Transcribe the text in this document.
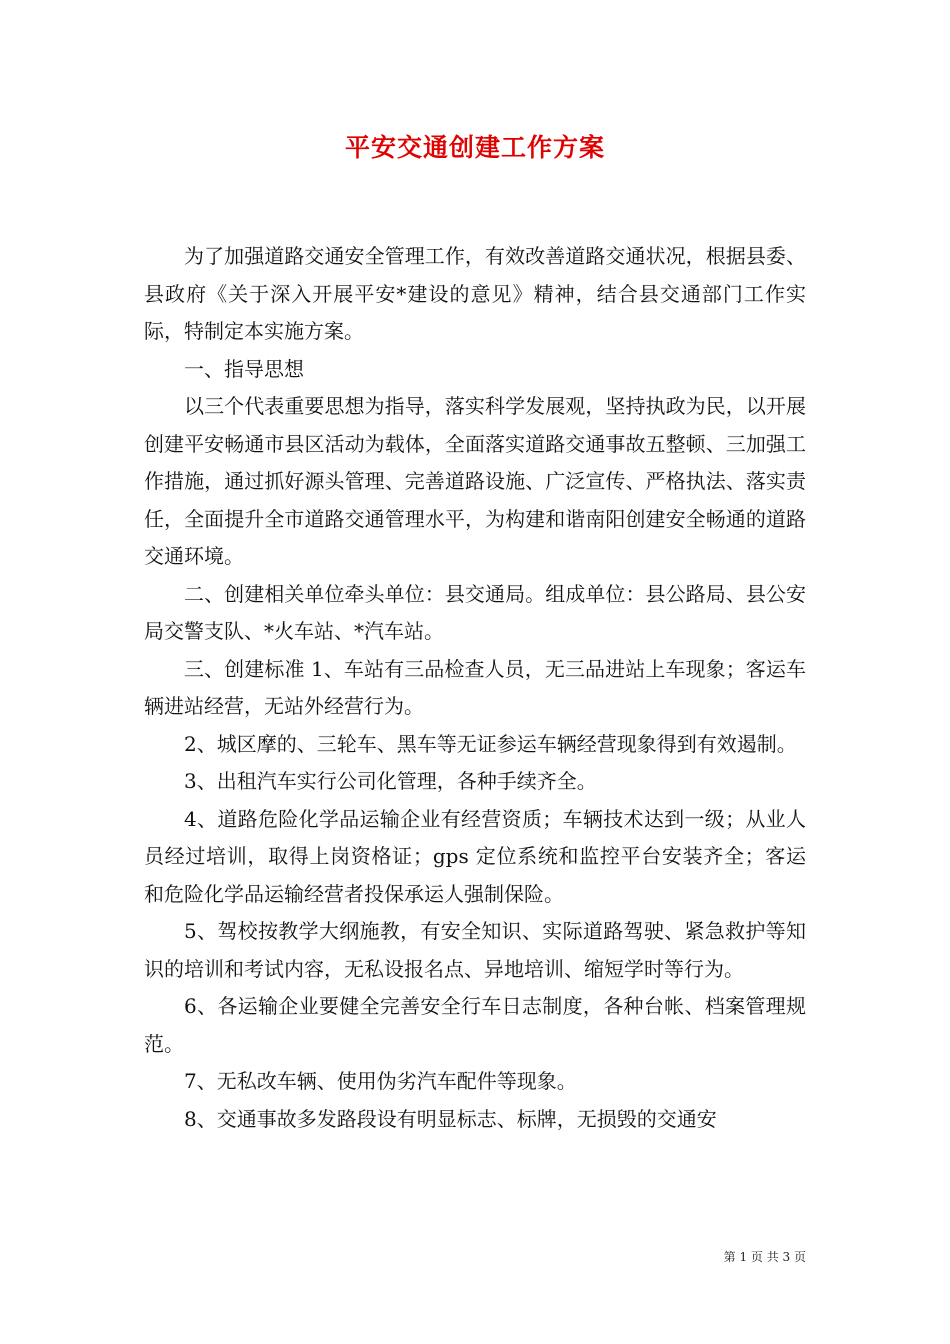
平安交通创建工作方案

为了加强道路交通安全管理工作，有效改善道路交通状况，根据县委、县政府《关于深入开展平安*建设的意见》精神，结合县交通部门工作实际，特制定本实施方案。

一、指导思想

以三个代表重要思想为指导，落实科学发展观，坚持执政为民，以开展创建平安畅通市县区活动为载体，全面落实道路交通事故五整顿、三加强工作措施，通过抓好源头管理、完善道路设施、广泛宣传、严格执法、落实责任，全面提升全市道路交通管理水平，为构建和谐南阳创建安全畅通的道路交通环境。

二、创建相关单位牵头单位：县交通局。组成单位：县公路局、县公安局交警支队、*火车站、*汽车站。

三、创建标准 1、车站有三品检查人员，无三品进站上车现象；客运车辆进站经营，无站外经营行为。

2、城区摩的、三轮车、黑车等无证参运车辆经营现象得到有效遏制。

3、出租汽车实行公司化管理，各种手续齐全。

4、道路危险化学品运输企业有经营资质；车辆技术达到一级；从业人员经过培训，取得上岗资格证；gps 定位系统和监控平台安装齐全；客运和危险化学品运输经营者投保承运人强制保险。

5、驾校按教学大纲施教，有安全知识、实际道路驾驶、紧急救护等知识的培训和考试内容，无私设报名点、异地培训、缩短学时等行为。

6、各运输企业要健全完善安全行车日志制度，各种台帐、档案管理规范。

7、无私改车辆、使用伪劣汽车配件等现象。

8、交通事故多发路段设有明显标志、标牌，无损毁的交通安

第 1 页 共 3 页
